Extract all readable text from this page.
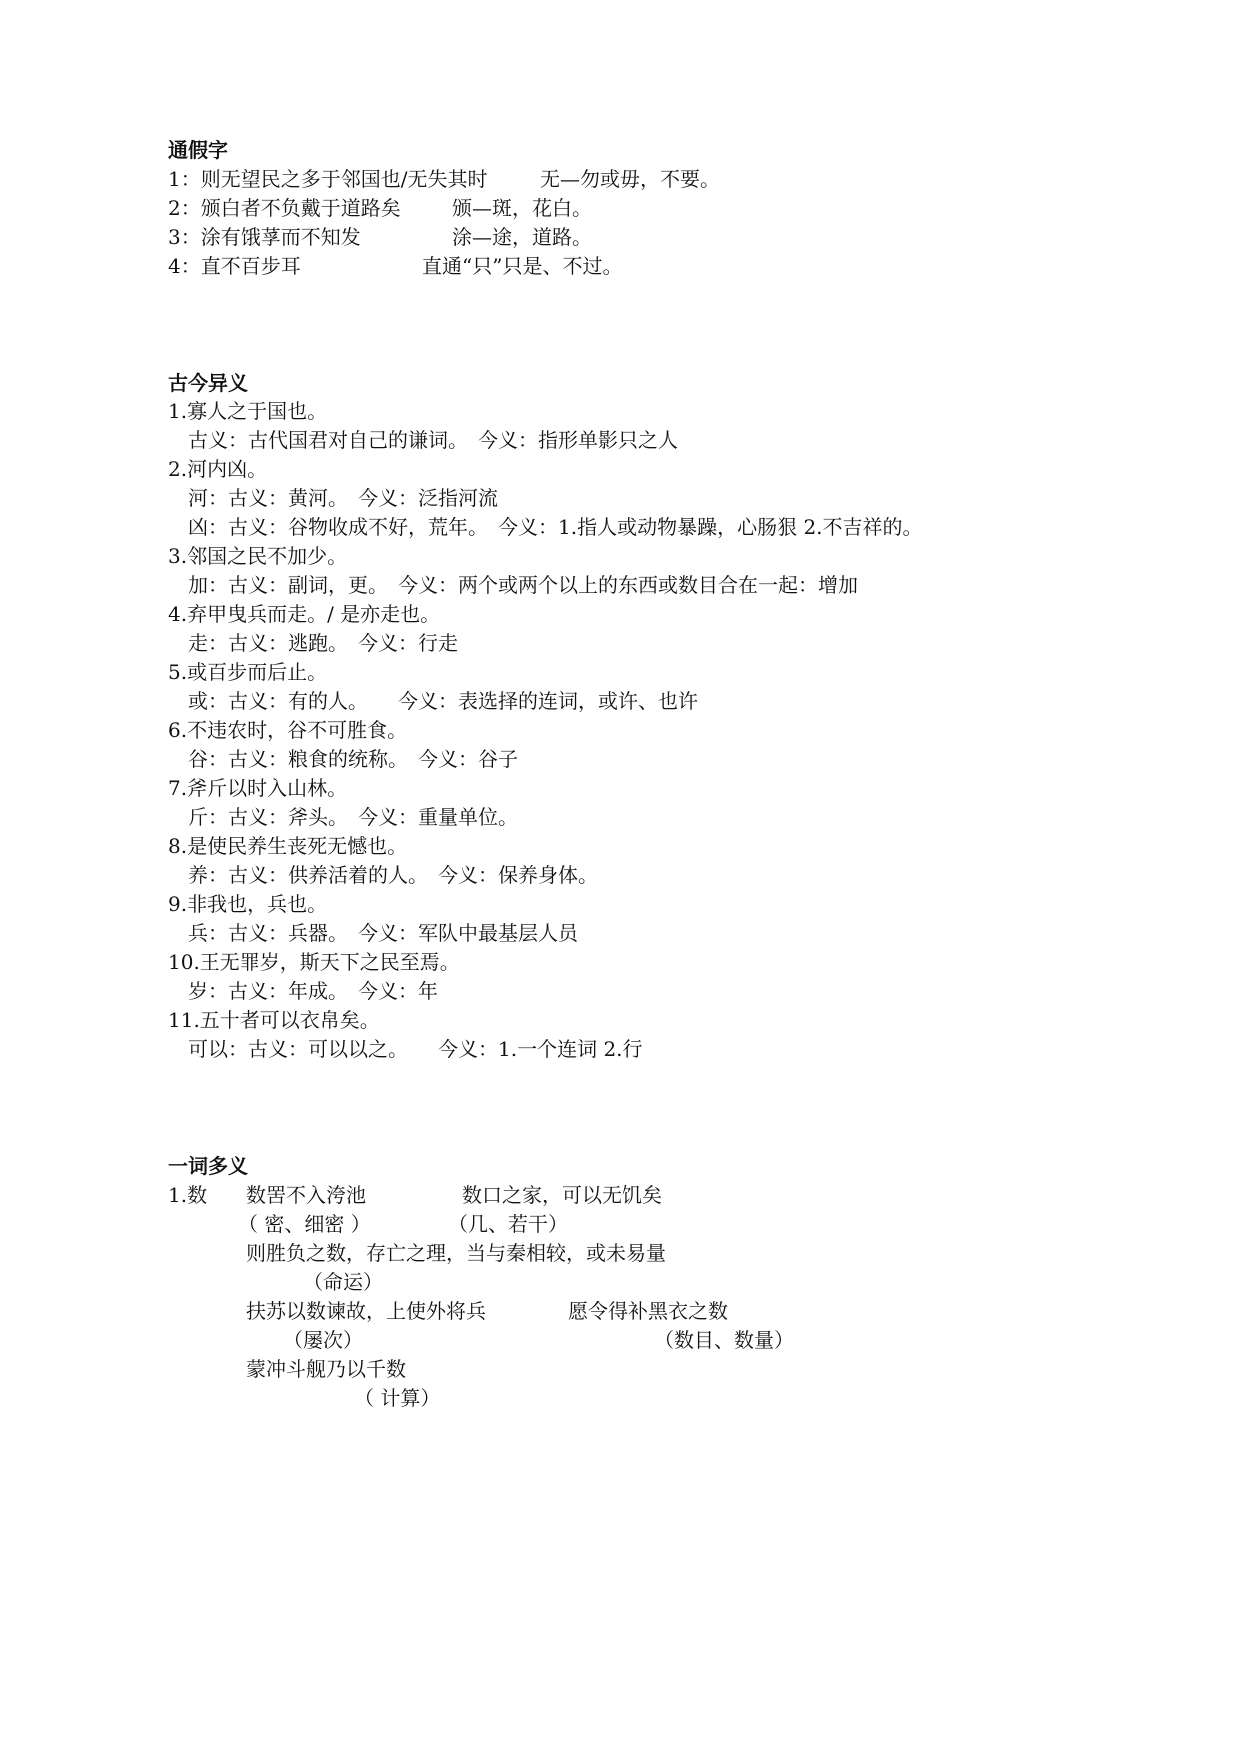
通假字
1：则无望民之多于邻国也/无失其时	无—勿或毋，不要。
2：颁白者不负戴于道路矣	颁—斑，花白。
3：涂有饿莩而不知发	涂—途，道路。
4：直不百步耳	直通“只”只是、不过。
古今异义
1.寡人之于国也。
古义：古代国君对自己的谦词。　今义：指形单影只之人
2.河内凶。
河：古义：黄河。　今义：泛指河流
凶：古义：谷物收成不好，荒年。　今义：1.指人或动物暴躁，心肠狠 2.不吉祥的。
3.邻国之民不加少。
加：古义：副词，更。　今义：两个或两个以上的东西或数目合在一起：增加
4.弃甲曳兵而走。/ 是亦走也。
走：古义：逃跑。　今义：行走
5.或百步而后止。
或：古义：有的人。　　今义：表选择的连词，或许、也许
6.不违农时，谷不可胜食。
谷：古义：粮食的统称。　今义：谷子
7.斧斤以时入山林。
斤：古义：斧头。　今义：重量单位。
8.是使民养生丧死无憾也。
养：古义：供养活着的人。　今义：保养身体。
9.非我也，兵也。
兵：古义：兵器。　今义：军队中最基层人员
10.王无罪岁，斯天下之民至焉。
岁：古义：年成。　今义：年
11.五十者可以衣帛矣。
可以：古义：可以以之。　　今义：1.一个连词 2.行
一词多义
1.数 数罟不入洿池	数口之家，可以无饥矣
（ 密、细密 ）	（几、若干）
则胜负之数，存亡之理，当与秦相较，或未易量
（命运）
扶苏以数谏故，上使外将兵	愿令得补黑衣之数
（屡次）	（数目、数量）
蒙冲斗舰乃以千数
（ 计算）
